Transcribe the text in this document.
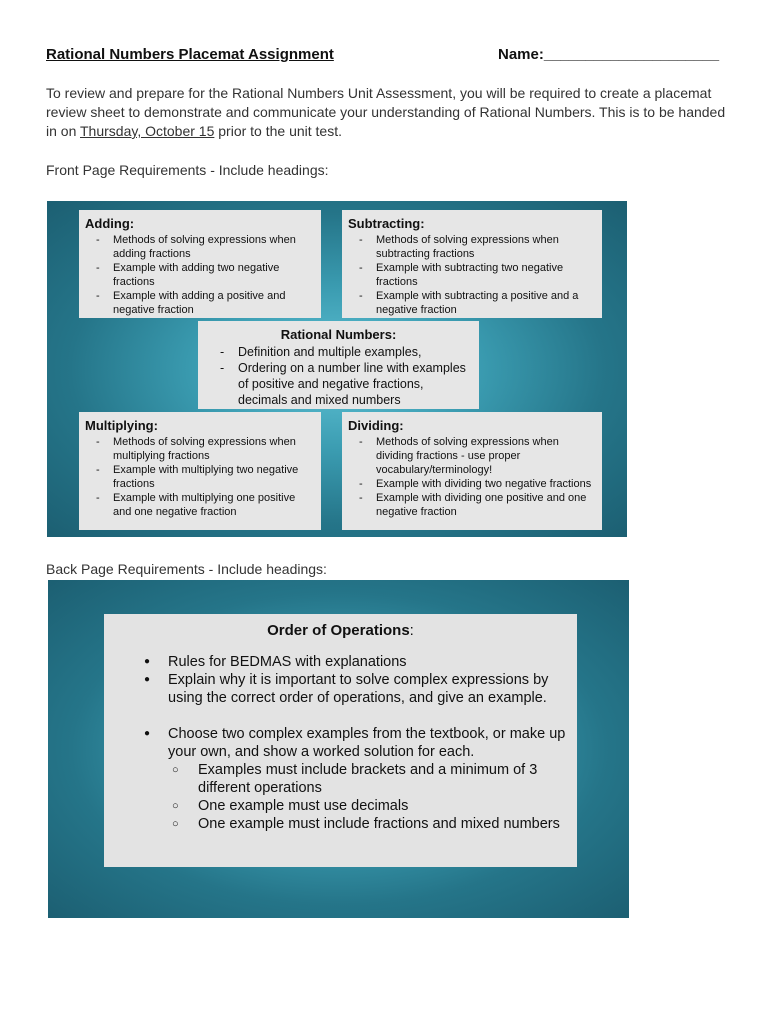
Rational Numbers Placemat Assignment	Name:_____________________
To review and prepare for the Rational Numbers Unit Assessment, you will be required to create a placemat review sheet to demonstrate and communicate your understanding of Rational Numbers. This is to be handed in on Thursday, October 15 prior to the unit test.
Front Page Requirements - Include headings:
Adding:
- Methods of solving expressions when adding fractions
- Example with adding two negative fractions
- Example with adding a positive and negative fraction
Subtracting:
- Methods of solving expressions when subtracting fractions
- Example with subtracting two negative fractions
- Example with subtracting a positive and a negative fraction
Rational Numbers:
- Definition and multiple examples,
- Ordering on a number line with examples of positive and negative fractions, decimals and mixed numbers
Multiplying:
- Methods of solving expressions when multiplying fractions
- Example with multiplying two negative fractions
- Example with multiplying one positive and one negative fraction
Dividing:
- Methods of solving expressions when dividing fractions - use proper vocabulary/terminology!
- Example with dividing two negative fractions
- Example with dividing one positive and one negative fraction
Back Page Requirements - Include headings:
Order of Operations:
● Rules for BEDMAS with explanations
● Explain why it is important to solve complex expressions by using the correct order of operations, and give an example.
● Choose two complex examples from the textbook, or make up your own, and show a worked solution for each.
○ Examples must include brackets and a minimum of 3 different operations
○ One example must use decimals
○ One example must include fractions and mixed numbers
